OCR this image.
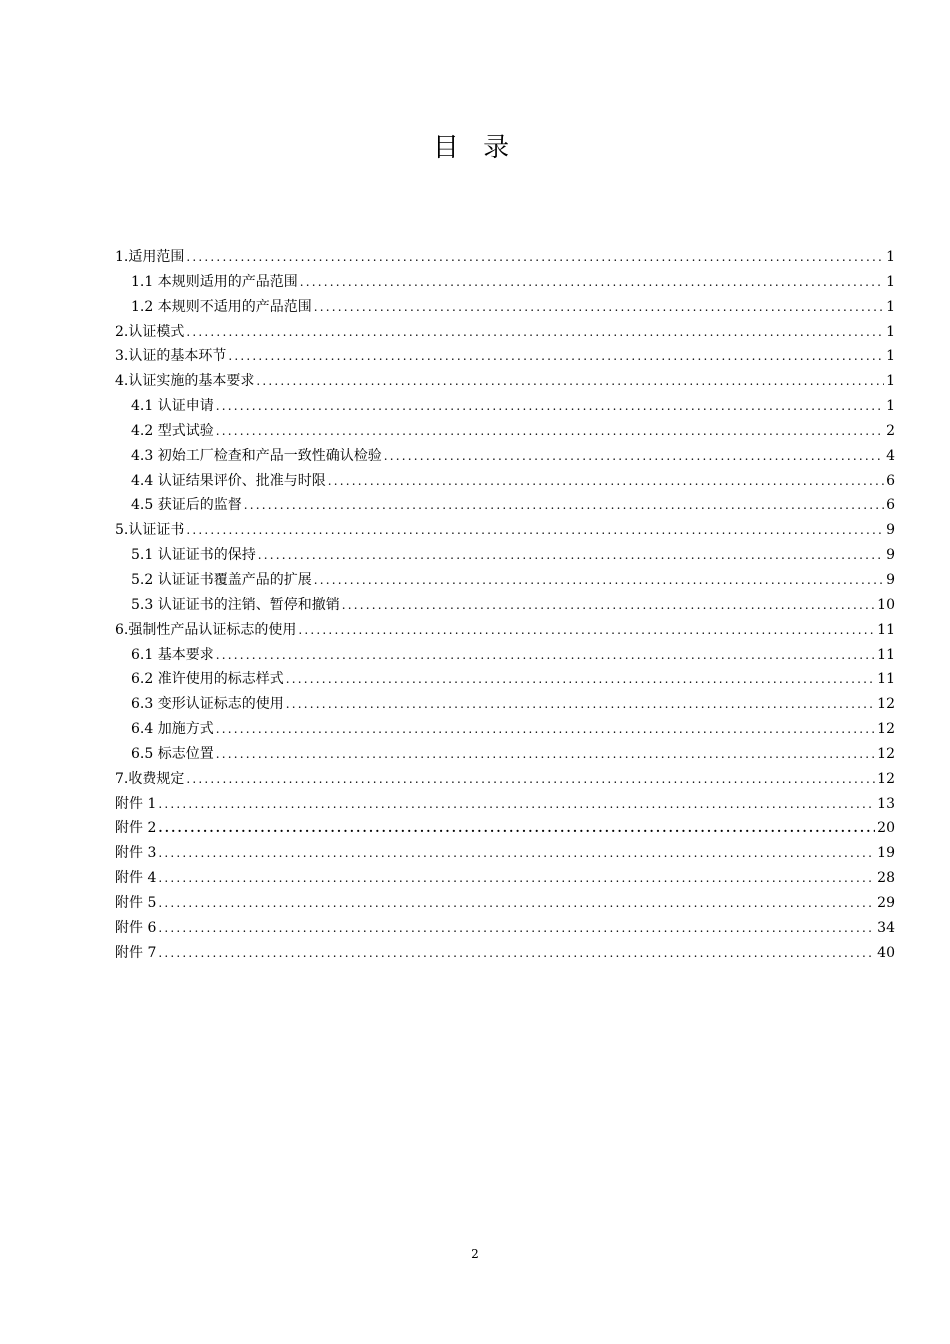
目 录
1.适用范围 .....	1
1.1 本规则适用的产品范围 .....	1
1.2 本规则不适用的产品范围 .....	1
2.认证模式 .....	1
3.认证的基本环节 .....	1
4.认证实施的基本要求 .....	1
4.1 认证申请 .....	1
4.2 型式试验 .....	2
4.3 初始工厂检查和产品一致性确认检验 .....	4
4.4 认证结果评价、批准与时限 .....	6
4.5 获证后的监督 .....	6
5.认证证书 .....	9
5.1 认证证书的保持 .....	9
5.2 认证证书覆盖产品的扩展 .....	9
5.3 认证证书的注销、暂停和撤销 .....	10
6.强制性产品认证标志的使用 .....	11
6.1 基本要求 .....	11
6.2 准许使用的标志样式 .....	11
6.3 变形认证标志的使用 .....	12
6.4 加施方式 .....	12
6.5 标志位置 .....	12
7.收费规定 .....	12
附件 1 .....	13
附件 2 .....	20
附件 3 .....	19
附件 4 .....	28
附件 5 .....	29
附件 6 .....	34
附件 7 .....	40
2
